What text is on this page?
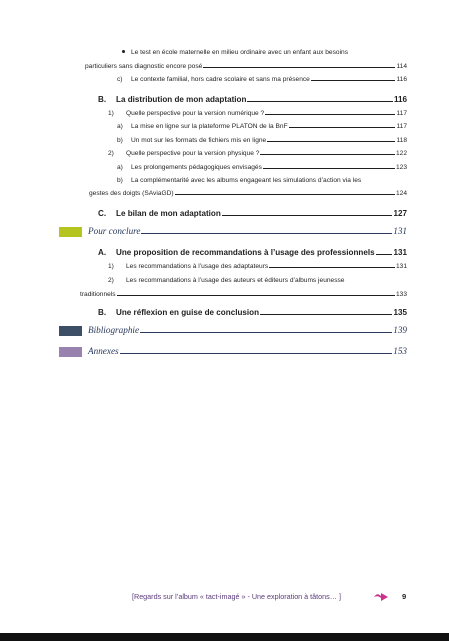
Le test en école maternelle en milieu ordinaire avec un enfant aux besoins
particuliers sans diagnostic encore posé	114
c)	Le contexte familial, hors cadre scolaire et sans ma présence	116
B.	La distribution de mon adaptation	116
1)	Quelle perspective pour la version numérique ?	117
a)	La mise en ligne sur la plateforme PLATON de la BnF	117
b)	Un mot sur les formats de fichiers mis en ligne	118
2)	Quelle perspective pour la version physique ?	122
a)	Les prolongements pédagogiques envisagés	123
b)	La complémentarité avec les albums engageant les simulations d’action via les
gestes des doigts (SAviaGD)	124
C.	Le bilan de mon adaptation	127
Pour conclure	131
A.	Une proposition de recommandations à l’usage des professionnels 131
1)	Les recommandations à l’usage des adaptateurs	131
2)	Les recommandations à l’usage des auteurs et éditeurs d’albums jeunesse
traditionnels	133
B.	Une réflexion en guise de conclusion	135
Bibliographie	139
Annexes	153
[Regards sur l’album « tact-imagé » - Une exploration à tâtons… ]	9
